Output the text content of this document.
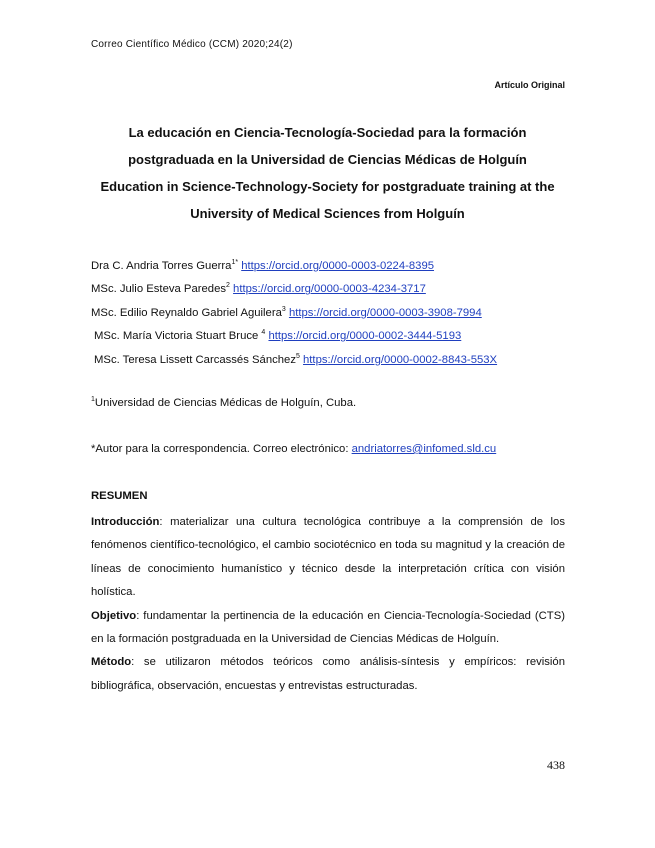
Correo Científico Médico (CCM) 2020;24(2)
Artículo Original
La educación en Ciencia-Tecnología-Sociedad para la formación
postgraduada en la Universidad de Ciencias Médicas de Holguín
Education in Science-Technology-Society for postgraduate training at the
University of Medical Sciences from Holguín
Dra C. Andria Torres Guerra$^{1*}$ https://orcid.org/0000-0003-0224-8395
MSc. Julio Esteva Paredes$^2$ https://orcid.org/0000-0003-4234-3717
MSc. Edilio Reynaldo Gabriel Aguilera$^3$ https://orcid.org/0000-0003-3908-7994
MSc. María Victoria Stuart Bruce $^4$ https://orcid.org/0000-0002-3444-5193
MSc. Teresa Lissett Carcassés Sánchez$^5$ https://orcid.org/0000-0002-8843-553X
$^1$Universidad de Ciencias Médicas de Holguín, Cuba.
*Autor para la correspondencia. Correo electrónico: andriatorres@infomed.sld.cu
RESUMEN

Introducción: materializar una cultura tecnológica contribuye a la comprensión de los fenómenos científico-tecnológico, el cambio sociotécnico en toda su magnitud y la creación de líneas de conocimiento humanístico y técnico desde la interpretación crítica con visión holística.

Objetivo: fundamentar la pertinencia de la educación en Ciencia-Tecnología-Sociedad (CTS) en la formación postgraduada en la Universidad de Ciencias Médicas de Holguín.

Método: se utilizaron métodos teóricos como análisis-síntesis y empíricos: revisión bibliográfica, observación, encuestas y entrevistas estructuradas.

438
